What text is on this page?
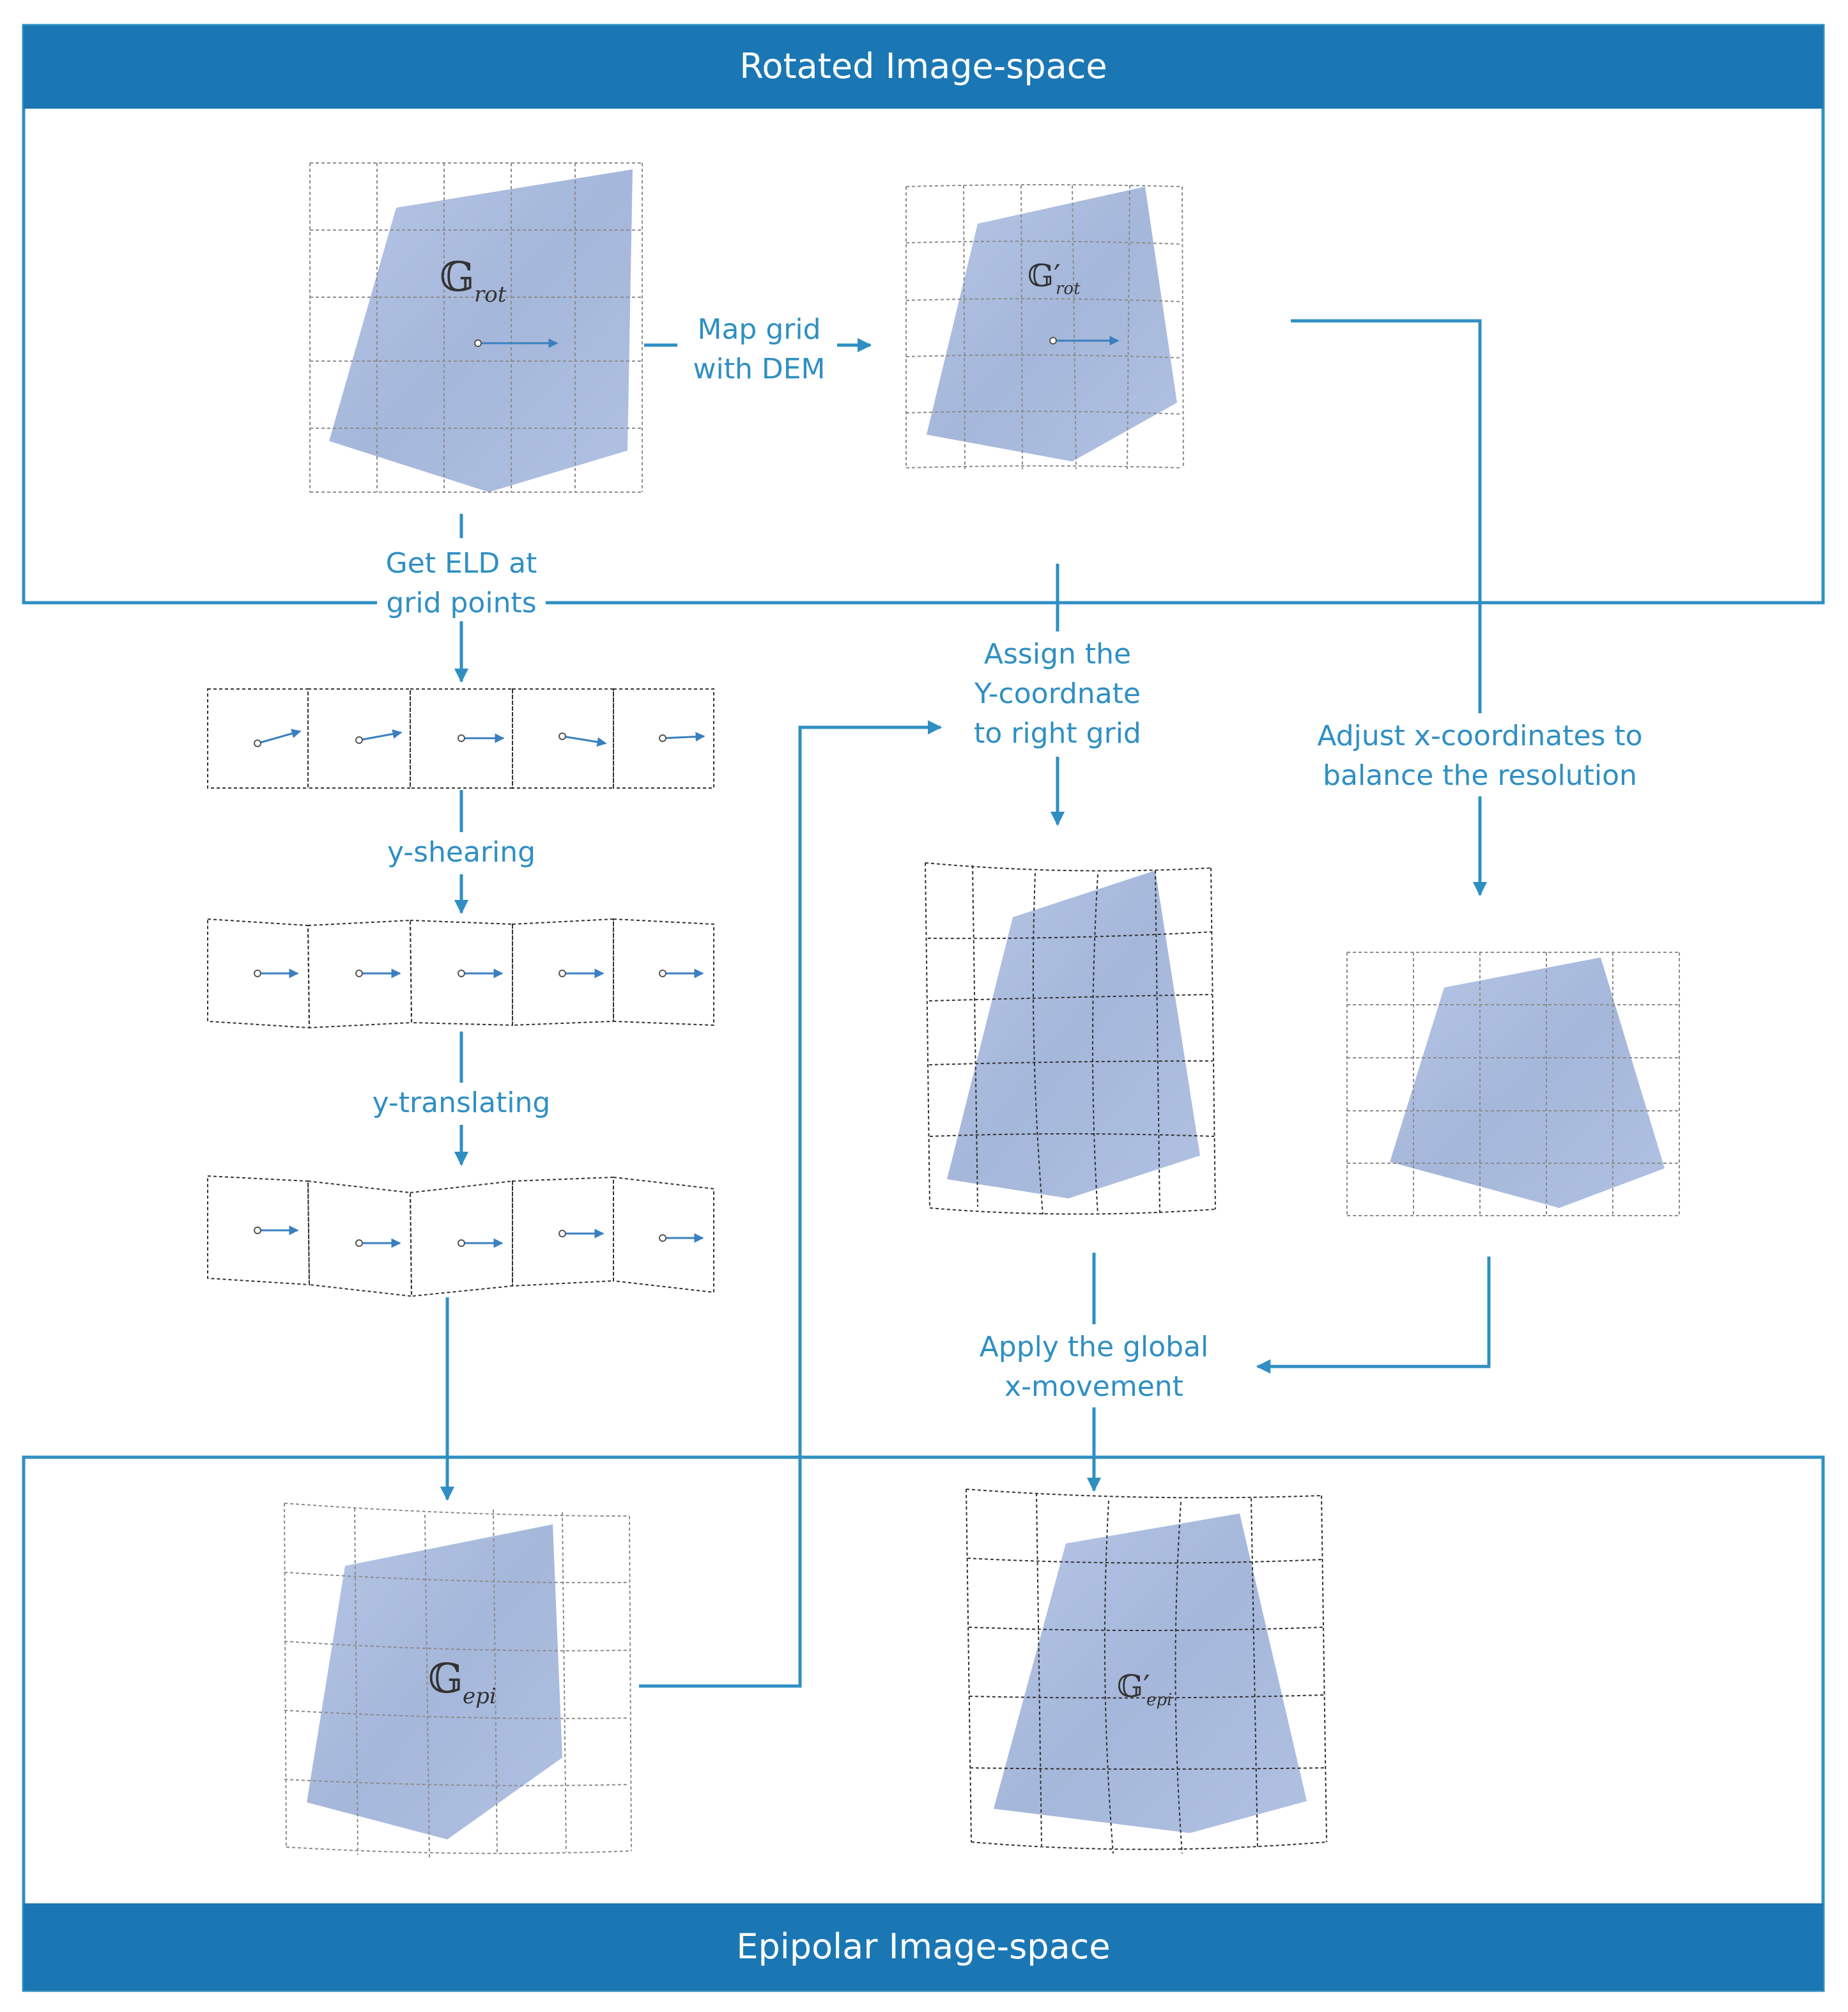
Rotated Image-space
Epipolar Image-space
𝔾 rot
𝔾′
rot
Map grid
with DEM
Get ELD at
grid points
y-shearing
y-translating
𝔾 epi
Assign the
Y-coordnate
to right grid	Adjust x-coordinates to
balance the resolution
Apply the global
x-movement
𝔾′
epi
